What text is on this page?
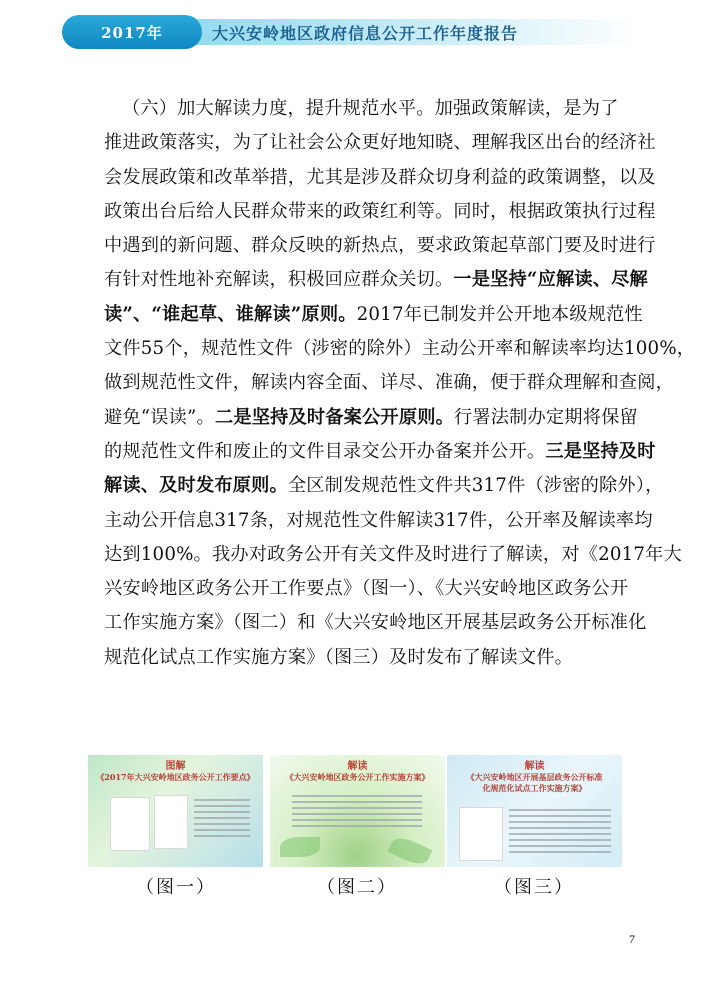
2017年	大兴安岭地区政府信息公开工作年度报告

（六）加大解读力度，提升规范水平。加强政策解读，是为了
推进政策落实，为了让社会公众更好地知晓、理解我区出台的经济社
会发展政策和改革举措，尤其是涉及群众切身利益的政策调整，以及
政策出台后给人民群众带来的政策红利等。同时，根据政策执行过程
中遇到的新问题、群众反映的新热点，要求政策起草部门要及时进行
有针对性地补充解读，积极回应群众关切。一是坚持“应解读、尽解
读”、“谁起草、谁解读”原则。2017年已制发并公开地本级规范性
文件55个，规范性文件（涉密的除外）主动公开率和解读率均达100%，
做到规范性文件，解读内容全面、详尽、准确，便于群众理解和查阅，
避免“误读”。二是坚持及时备案公开原则。行署法制办定期将保留
的规范性文件和废止的文件目录交公开办备案并公开。三是坚持及时
解读、及时发布原则。全区制发规范性文件共317件（涉密的除外），
主动公开信息317条，对规范性文件解读317件，公开率及解读率均
达到100%。我办对政务公开有关文件及时进行了解读，对《2017年大
兴安岭地区政务公开工作要点》（图一）、《大兴安岭地区政务公开
工作实施方案》（图二）和《大兴安岭地区开展基层政务公开标准化
规范化试点工作实施方案》（图三）及时发布了解读文件。

图解
《2017年大兴安岭地区政务公开工作要点》
解读
《大兴安岭地区政务公开工作实施方案》
解读
《大兴安岭地区开展基层政务公开标准化规范化试点工作实施方案》
（图一）	（图二）	（图三）
7
